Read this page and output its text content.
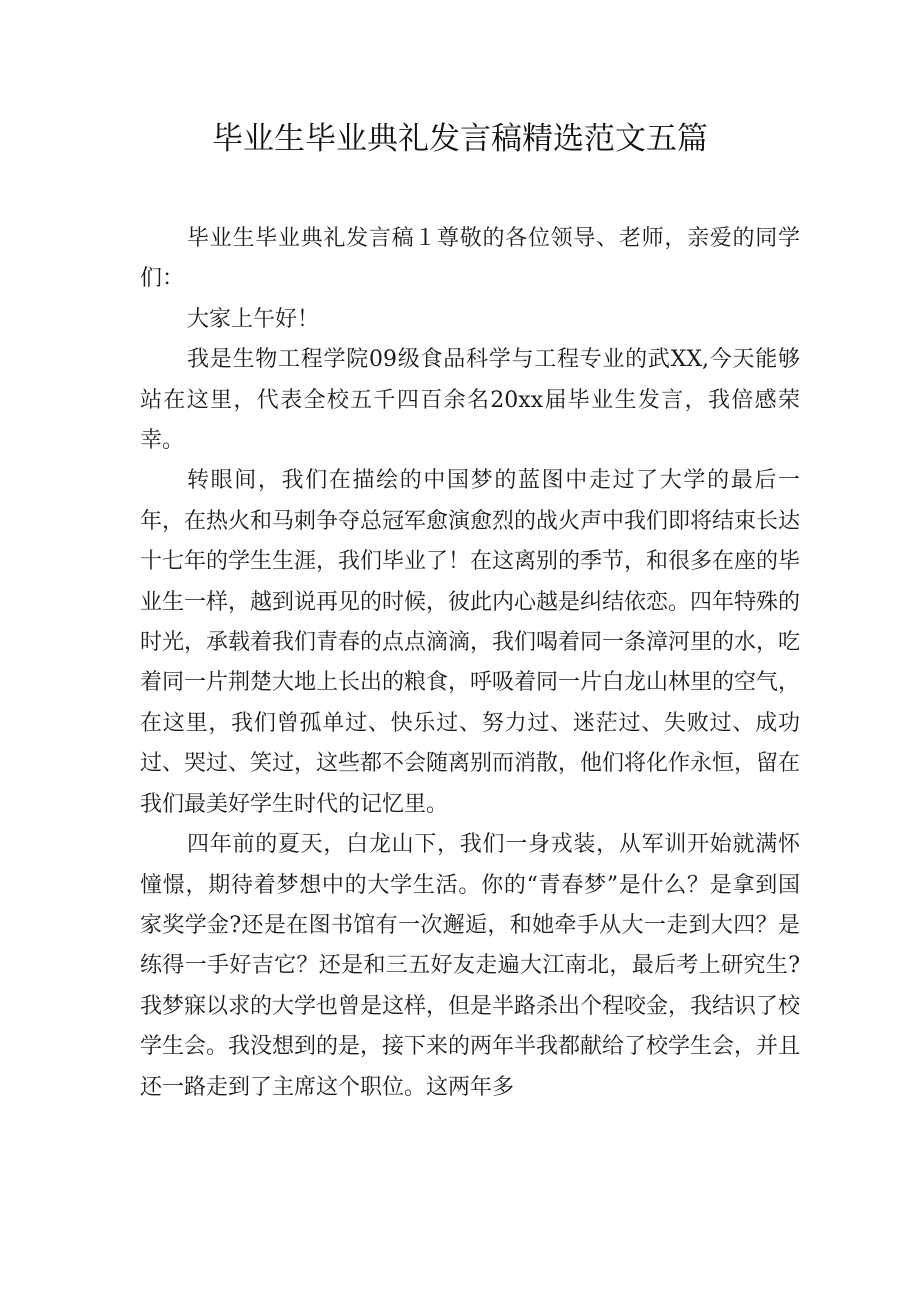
毕业生毕业典礼发言稿精选范文五篇

毕业生毕业典礼发言稿１尊敬的各位领导、老师，亲爱的同学们：

大家上午好！

我是生物工程学院09级食品科学与工程专业的武XX,今天能够站在这里，代表全校五千四百余名20xx届毕业生发言，我倍感荣幸。

转眼间，我们在描绘的中国梦的蓝图中走过了大学的最后一年，在热火和马刺争夺总冠军愈演愈烈的战火声中我们即将结束长达十七年的学生生涯，我们毕业了！在这离别的季节，和很多在座的毕业生一样，越到说再见的时候，彼此内心越是纠结依恋。四年特殊的时光，承载着我们青春的点点滴滴，我们喝着同一条漳河里的水，吃着同一片荆楚大地上长出的粮食，呼吸着同一片白龙山林里的空气，在这里，我们曾孤单过、快乐过、努力过、迷茫过、失败过、成功过、哭过、笑过，这些都不会随离别而消散，他们将化作永恒，留在我们最美好学生时代的记忆里。

四年前的夏天，白龙山下，我们一身戎装，从军训开始就满怀憧憬，期待着梦想中的大学生活。你的“青春梦”是什么？是拿到国家奖学金?还是在图书馆有一次邂逅，和她牵手从大一走到大四？是练得一手好吉它？还是和三五好友走遍大江南北，最后考上研究生?我梦寐以求的大学也曾是这样，但是半路杀出个程咬金，我结识了校学生会。我没想到的是，接下来的两年半我都献给了校学生会，并且还一路走到了主席这个职位。这两年多
